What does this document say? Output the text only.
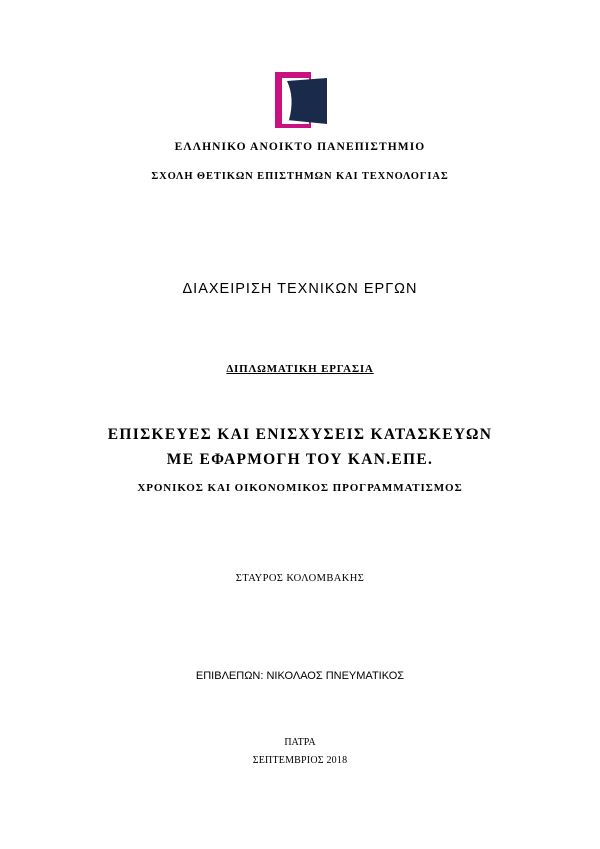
ΕΛΛΗΝΙΚΟ ΑΝΟΙΚΤΟ ΠΑΝΕΠΙΣΤΗΜΙΟ
ΣΧΟΛΗ ΘΕΤΙΚΩΝ ΕΠΙΣΤΗΜΩΝ ΚΑΙ ΤΕΧΝΟΛΟΓΙΑΣ
ΔΙΑΧΕΙΡΙΣΗ ΤΕΧΝΙΚΩΝ ΕΡΓΩΝ
ΔΙΠΛΩΜΑΤΙΚΗ ΕΡΓΑΣΙΑ
ΕΠΙΣΚΕΥΕΣ ΚΑΙ ΕΝΙΣΧΥΣΕΙΣ ΚΑΤΑΣΚΕΥΩΝ
ΜΕ ΕΦΑΡΜΟΓΗ ΤΟΥ ΚΑΝ.ΕΠΕ.
ΧΡΟΝΙΚΟΣ ΚΑΙ ΟΙΚΟΝΟΜΙΚΟΣ ΠΡΟΓΡΑΜΜΑΤΙΣΜΟΣ
ΣΤΑΥΡΟΣ ΚΟΛΟΜΒΑΚΗΣ
ΕΠΙΒΛΕΠΩΝ: ΝΙΚΟΛΑΟΣ ΠΝΕΥΜΑΤΙΚΟΣ
ΠΑΤΡΑ
ΣΕΠΤΕΜΒΡΙΟΣ 2018
